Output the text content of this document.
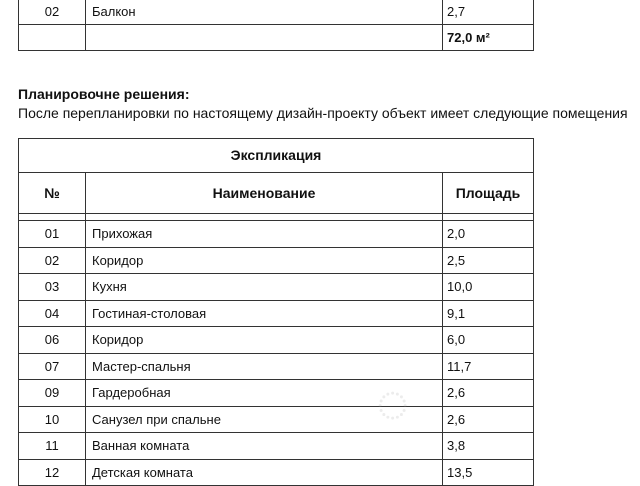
02	Балкон	2,7
		72,0 м²
Планировочне решения:
После перепланировки по настоящему дизайн-проекту объект имеет следующие помещения
Экспликация		
№	Наименование	Площадь

01	Прихожая	2,0
02	Коридор	2,5
03	Кухня	10,0
04	Гостиная-столовая	9,1
06	Коридор	6,0
07	Мастер-спальня	11,7
09	Гардеробная	2,6
10	Санузел при спальне	2,6
11	Ванная комната	3,8
12	Детская комната	13,5
◌
